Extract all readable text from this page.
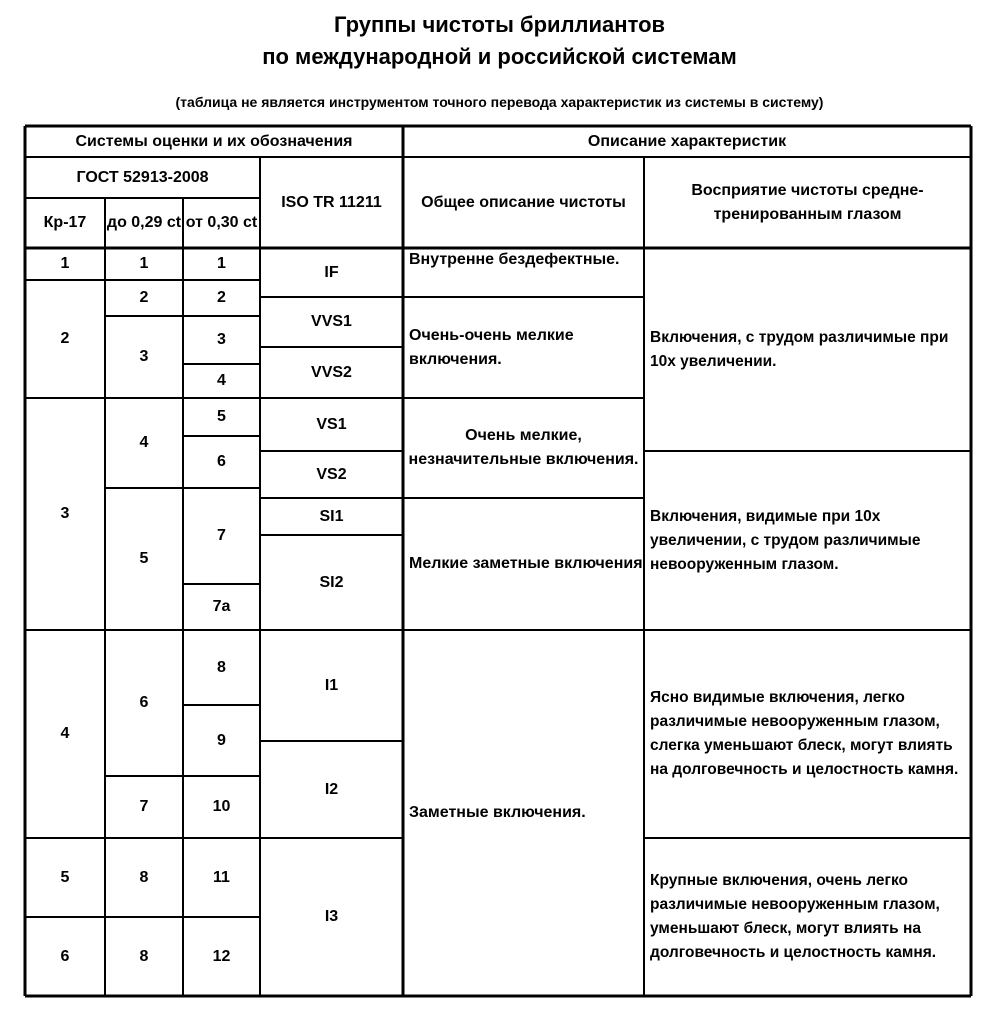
Группы чистоты бриллиантов
по международной и российской системам
(таблица не является инструментом точного перевода характеристик из системы в систему)
Системы оценки и их обозначения	Описание характеристик
ГОСТ 52913-2008
ISO TR 11211 Общее описание чистоты
Восприятие чистоты средне-тренированным глазом
Кр-17 до 0,29 ct от 0,30 ct
1
2
3
4
5
6
1
2
3
4
5
6
7
8
8
1
2
3
4
5
6
7
7а
8
9
10
11
12
IF
VVS1
VVS2
VS1
VS2
SI1
SI2
I1
I2
I3
Внутренне бездефектные.
Очень-очень мелкие включения.
Очень мелкие, незначительные включения.
Мелкие заметные включения
Заметные включения.
Включения, с трудом различимые при 10х увеличении.
Включения, видимые при 10х увеличении, с трудом различимые невооруженным глазом.
Ясно видимые включения, легко различимые невооруженным глазом, слегка уменьшают блеск, могут влиять на долговечность и целостность камня.
Крупные включения, очень легко различимые невооруженным глазом, уменьшают блеск, могут влиять на долговечность и целостность камня.
